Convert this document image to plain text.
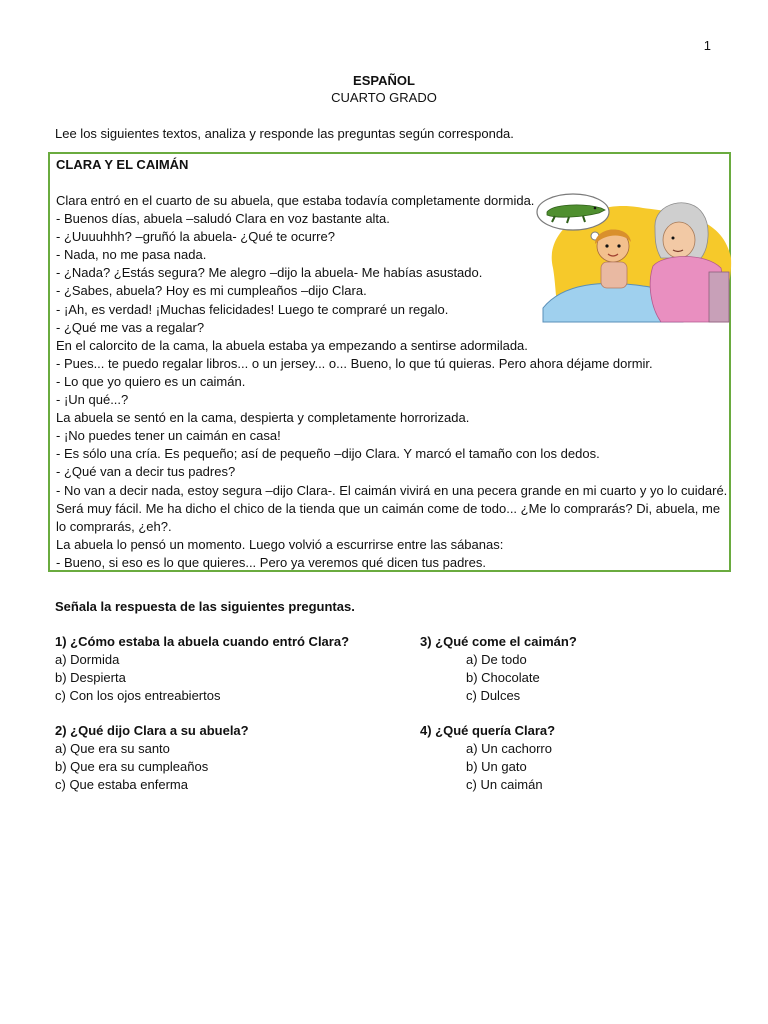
1
ESPAÑOL
CUARTO GRADO
Lee los siguientes textos, analiza y responde las preguntas según corresponda.

CLARA Y EL CAIMÁN

Clara entró en el cuarto de su abuela, que estaba todavía completamente dormida.
- Buenos días, abuela –saludó Clara en voz bastante alta.
- ¿Uuuuhhh? –gruñó la abuela- ¿Qué te ocurre?
- Nada, no me pasa nada.
- ¿Nada? ¿Estás segura? Me alegro –dijo la abuela- Me habías asustado.
- ¿Sabes, abuela? Hoy es mi cumpleaños –dijo Clara.
- ¡Ah, es verdad! ¡Muchas felicidades! Luego te compraré un regalo.
- ¿Qué me vas a regalar?
En el calorcito de la cama, la abuela estaba ya empezando a sentirse adormilada.
- Pues... te puedo regalar libros... o un jersey... o... Bueno, lo que tú quieras. Pero ahora déjame dormir.
- Lo que yo quiero es un caimán.
- ¡Un qué...?
La abuela se sentó en la cama, despierta y completamente horrorizada.
- ¡No puedes tener un caimán en casa!
- Es sólo una cría. Es pequeño; así de pequeño –dijo Clara. Y marcó el tamaño con los dedos.
- ¿Qué van a decir tus padres?
- No van a decir nada, estoy segura –dijo Clara-. El caimán vivirá en una pecera grande en mi cuarto y yo lo cuidaré.
Será muy fácil. Me ha dicho el chico de la tienda que un caimán come de todo... ¿Me lo comprarás? Di, abuela, me
lo comprarás, ¿eh?.
La abuela lo pensó un momento. Luego volvió a escurrirse entre las sábanas:
- Bueno, si eso es lo que quieres... Pero ya veremos qué dicen tus padres.
Señala la respuesta de las siguientes preguntas.
1) ¿Cómo estaba la abuela cuando entró Clara?
a) Dormida
b) Despierta
c) Con los ojos entreabiertos
2) ¿Qué dijo Clara a su abuela?
a) Que era su santo
b) Que era su cumpleaños
c) Que estaba enferma
3) ¿Qué come el caimán?
a) De todo
b) Chocolate
c) Dulces
4) ¿Qué quería Clara?
a) Un cachorro
b) Un gato
c) Un caimán
